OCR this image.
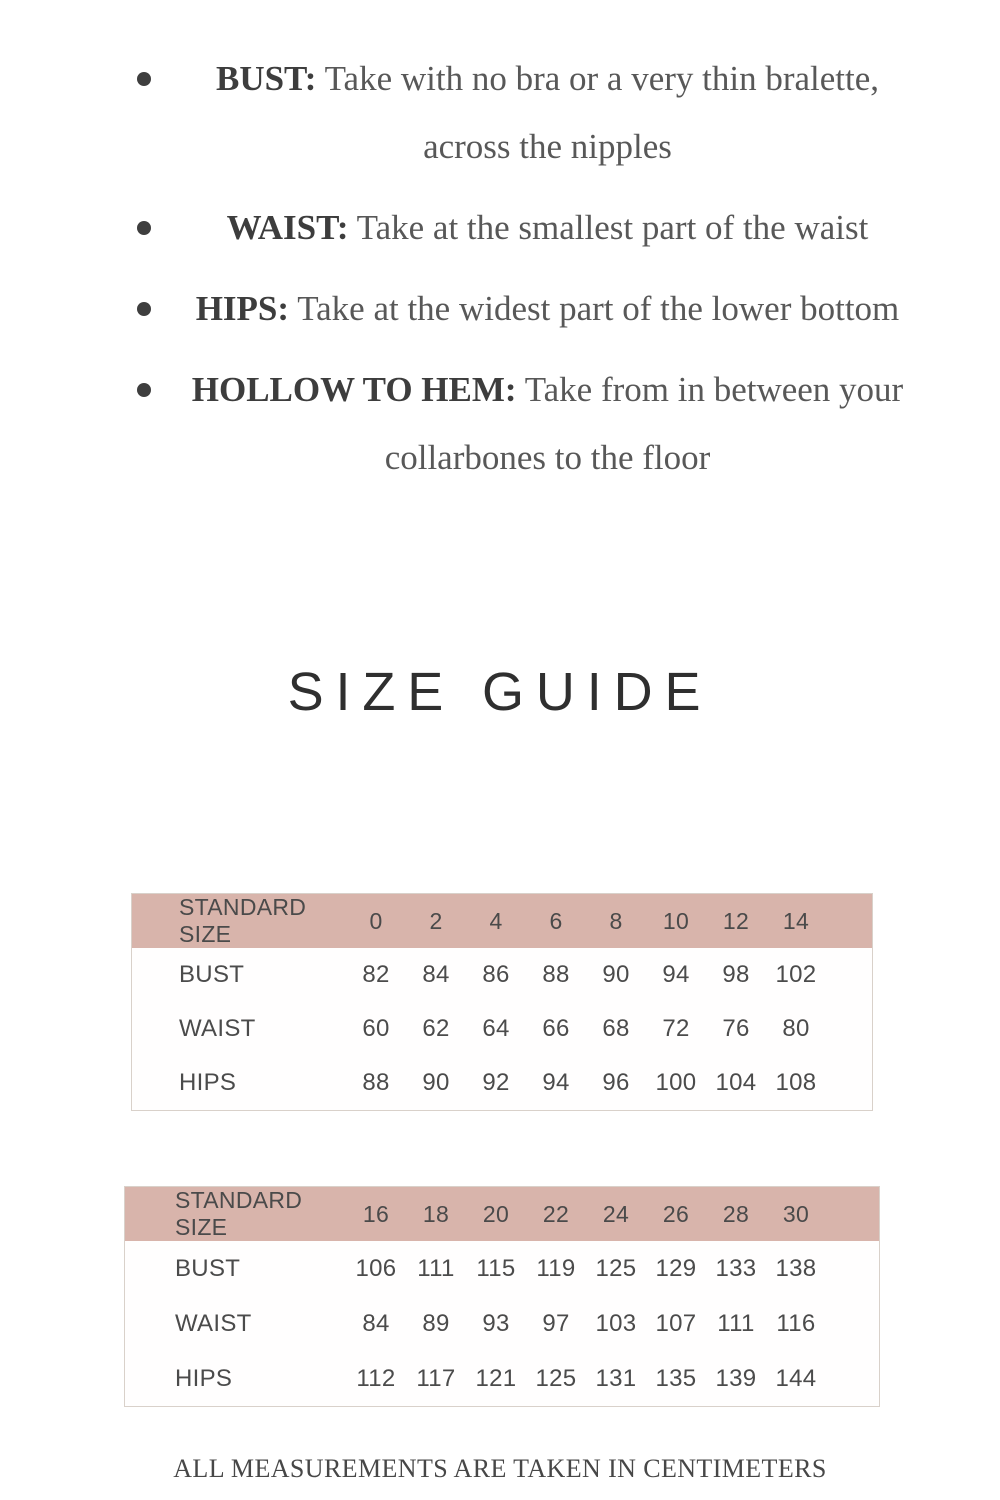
BUST: Take with no bra or a very thin bralette, across the nipples
WAIST: Take at the smallest part of the waist
HIPS: Take at the widest part of the lower bottom
HOLLOW TO HEM: Take from in between your collarbones to the floor
SIZE GUIDE
STANDARD SIZE	0	2	4	6	8	10	12	14	
BUST	82	84	86	88	90	94	98	102	
WAIST	60	62	64	66	68	72	76	80	
HIPS	88	90	92	94	96	100	104	108	
STANDARD SIZE	16	18	20	22	24	26	28	30	
BUST	106	111	115	119	125	129	133	138	
WAIST	84	89	93	97	103	107	111	116	
HIPS	112	117	121	125	131	135	139	144	
ALL MEASUREMENTS ARE TAKEN IN CENTIMETERS
